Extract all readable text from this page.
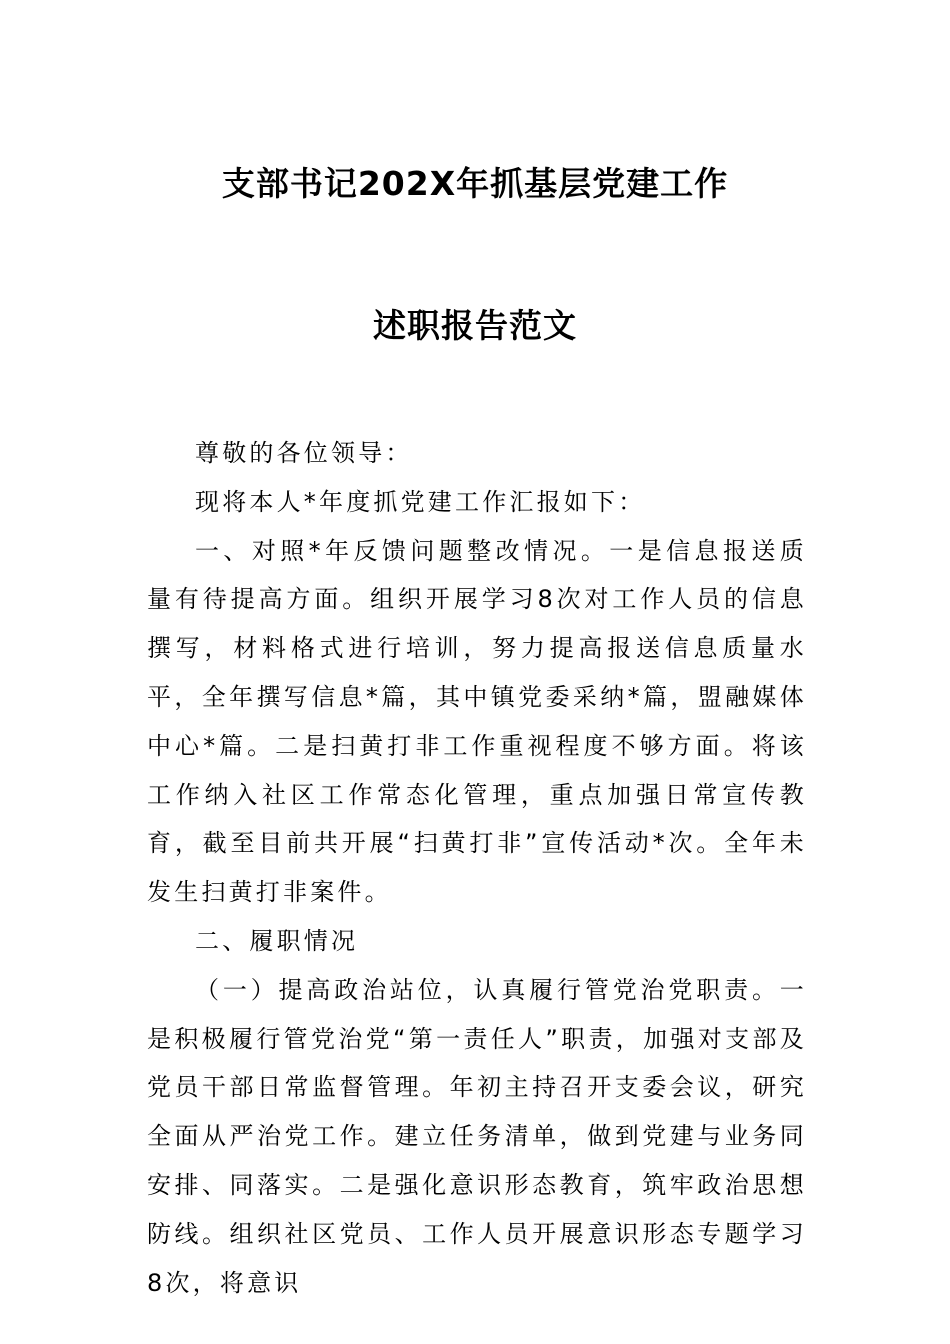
支部书记202X年抓基层党建工作
述职报告范文

尊敬的各位领导：

现将本人*年度抓党建工作汇报如下：

一、对照*年反馈问题整改情况。一是信息报送质量有待提高方面。组织开展学习8次对工作人员的信息撰写，材料格式进行培训，努力提高报送信息质量水平，全年撰写信息*篇，其中镇党委采纳*篇，盟融媒体中心*篇。二是扫黄打非工作重视程度不够方面。将该工作纳入社区工作常态化管理，重点加强日常宣传教育，截至目前共开展“扫黄打非”宣传活动*次。全年未发生扫黄打非案件。

二、履职情况

（一）提高政治站位，认真履行管党治党职责。一是积极履行管党治党“第一责任人”职责，加强对支部及党员干部日常监督管理。年初主持召开支委会议，研究全面从严治党工作。建立任务清单，做到党建与业务同安排、同落实。二是强化意识形态教育，筑牢政治思想防线。组织社区党员、工作人员开展意识形态专题学习8次，将意识
